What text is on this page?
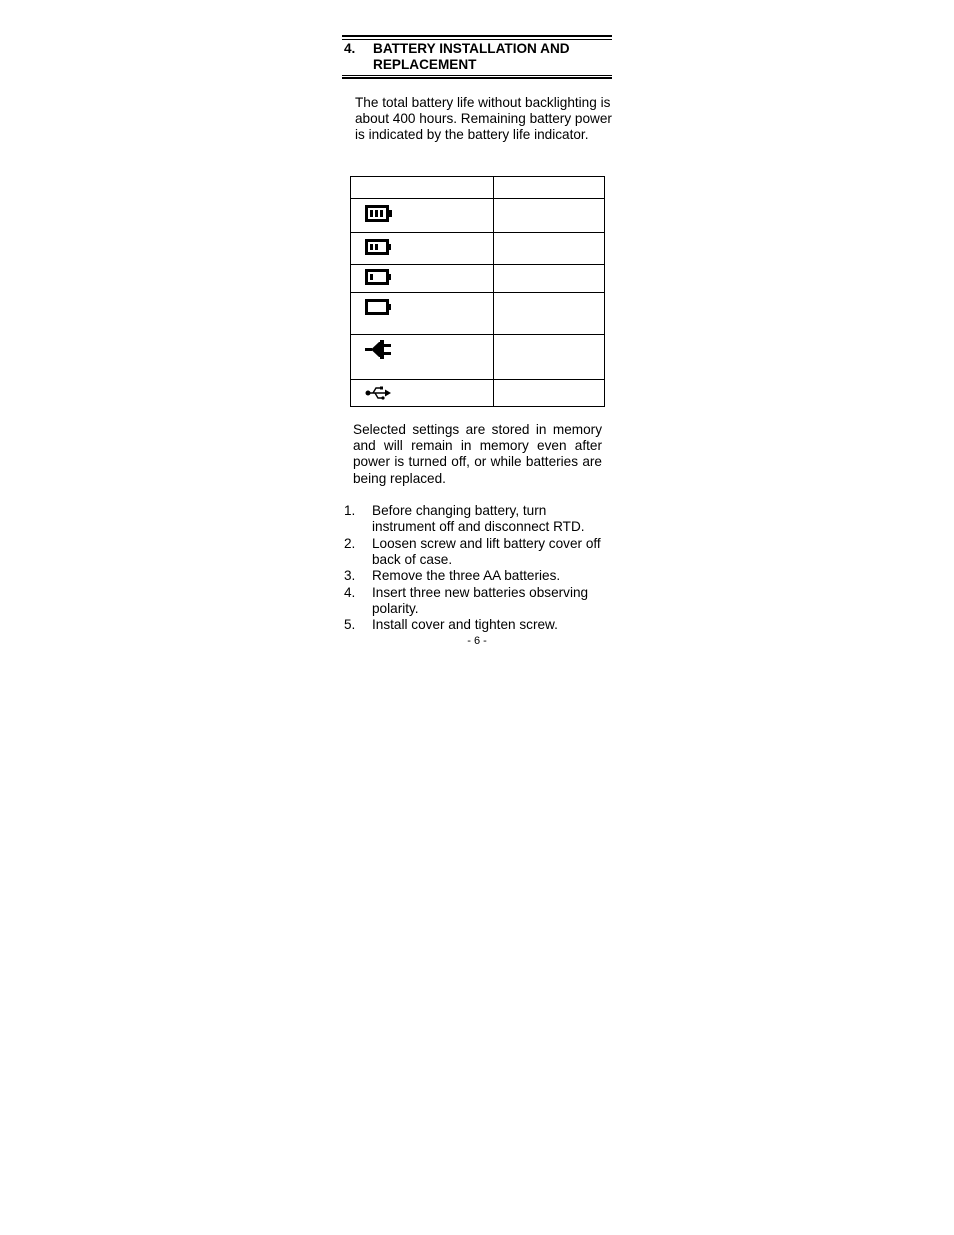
4. BATTERY INSTALLATION AND REPLACEMENT
The total battery life without backlighting is about 400 hours. Remaining battery power is indicated by the battery life indicator.

Selected settings are stored in memory and will remain in memory even after power is turned off, or while batteries are being replaced.
1. Before changing battery, turn instrument off and disconnect RTD.
2. Loosen screw and lift battery cover off back of case.
3. Remove the three AA batteries.
4. Insert three new batteries observing polarity.
5. Install cover and tighten screw.
- 6 -
